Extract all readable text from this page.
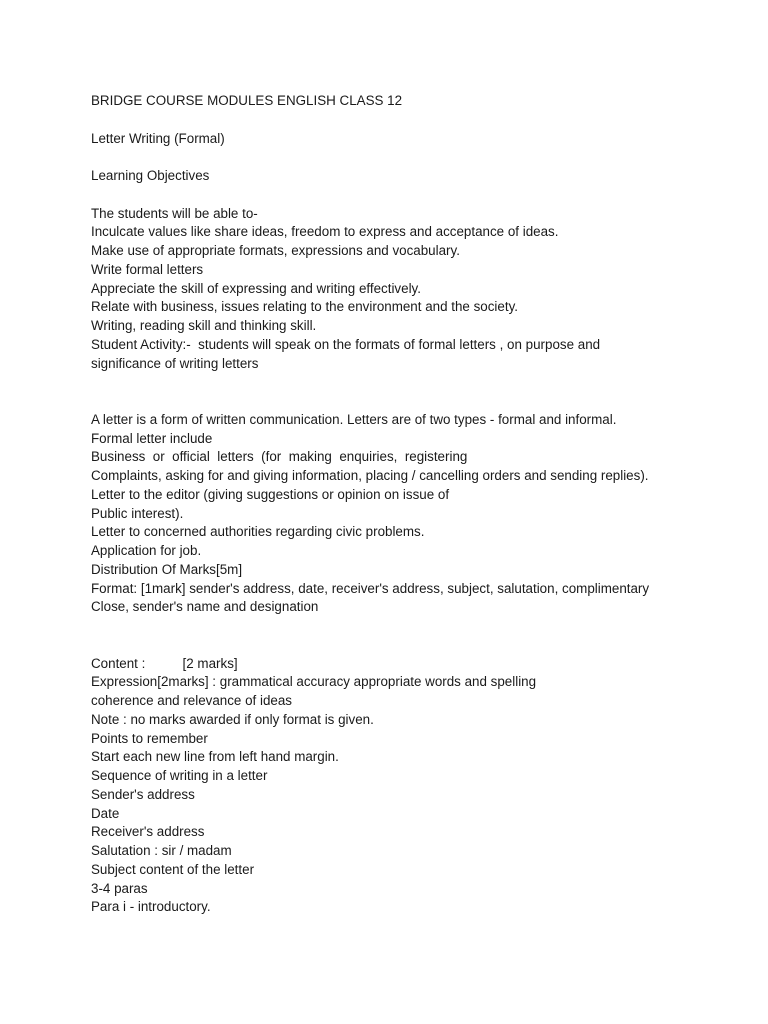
BRIDGE COURSE MODULES ENGLISH CLASS 12
Letter Writing (Formal)
Learning Objectives
The students will be able to-
Inculcate values like share ideas, freedom to express and acceptance of ideas.
Make use of appropriate formats, expressions and vocabulary.
Write formal letters
Appreciate the skill of expressing and writing effectively.
Relate with business, issues relating to the environment and the society.
Writing, reading skill and thinking skill.
Student Activity:-  students will speak on the formats of formal letters , on purpose and
significance of writing letters
A letter is a form of written communication. Letters are of two types - formal and informal.
Formal letter include
Business  or  official  letters  (for  making  enquiries,  registering
Complaints, asking for and giving information, placing / cancelling orders and sending replies).
Letter to the editor (giving suggestions or opinion on issue of
Public interest).
Letter to concerned authorities regarding civic problems.
Application for job.
Distribution Of Marks[5m]
Format: [1mark] sender's address, date, receiver's address, subject, salutation, complimentary
Close, sender's name and designation
Content :          [2 marks]
Expression[2marks] : grammatical accuracy appropriate words and spelling
coherence and relevance of ideas
Note : no marks awarded if only format is given.
Points to remember
Start each new line from left hand margin.
Sequence of writing in a letter
Sender's address
Date
Receiver's address
Salutation : sir / madam
Subject content of the letter
3-4 paras
Para i - introductory.
